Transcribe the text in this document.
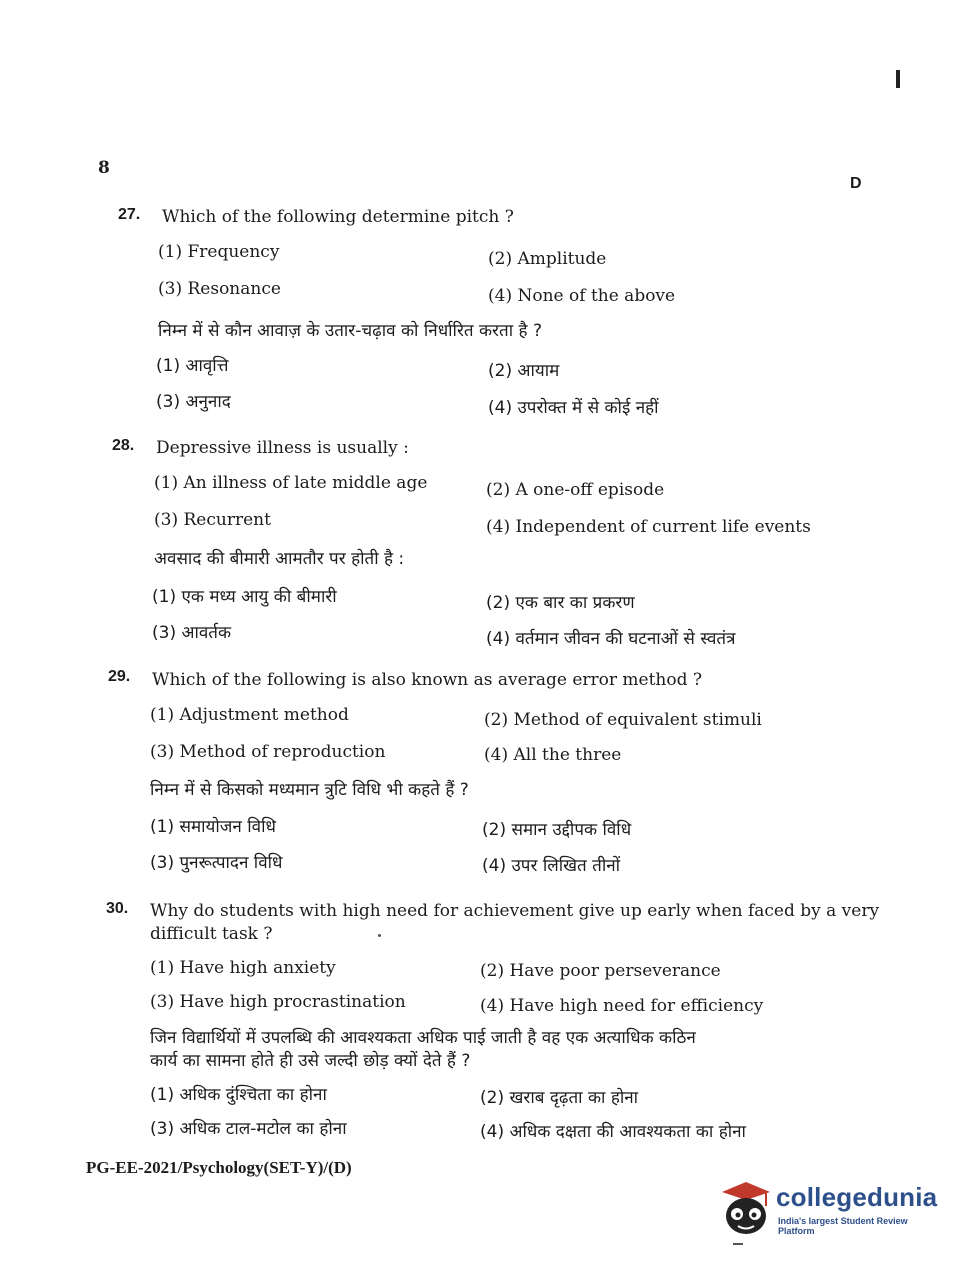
8
D
27. Which of the following determine pitch ?
(1) Frequency	(2) Amplitude
(3) Resonance	(4) None of the above
निम्न में से कौन आवाज़ के उतार-चढ़ाव को निर्धारित करता है ?
(1) आवृत्ति	(2) आयाम
(3) अनुनाद	(4) उपरोक्त में से कोई नहीं
28. Depressive illness is usually :
(1) An illness of late middle age	(2) A one-off episode
(3) Recurrent	(4) Independent of current life events
अवसाद की बीमारी आमतौर पर होती है :
(1) एक मध्य आयु की बीमारी	(2) एक बार का प्रकरण
(3) आवर्तक	(4) वर्तमान जीवन की घटनाओं से स्वतंत्र
29. Which of the following is also known as average error method ?
(1) Adjustment method	(2) Method of equivalent stimuli
(3) Method of reproduction	(4) All the three
निम्न में से किसको मध्यमान त्रुटि विधि भी कहते हैं ?
(1) समायोजन विधि	(2) समान उद्दीपक विधि
(3) पुनरूत्पादन विधि	(4) उपर लिखित तीनों
30. Why do students with high need for achievement give up early when faced by a very
difficult task ?
(1) Have high anxiety	(2) Have poor perseverance
(3) Have high procrastination	(4) Have high need for efficiency
जिन विद्यार्थियों में उपलब्धि की आवश्यकता अधिक पाई जाती है वह एक अत्याधिक कठिन
कार्य का सामना होते ही उसे जल्दी छोड़ क्यों देते हैं ?
(1) अधिक दुंश्चिता का होना	(2) खराब दृढ़ता का होना
(3) अधिक टाल-मटोल का होना	(4) अधिक दक्षता की आवश्यकता का होना
PG-EE-2021/Psychology(SET-Y)/(D)
collegedunia
India's largest Student Review Platform
